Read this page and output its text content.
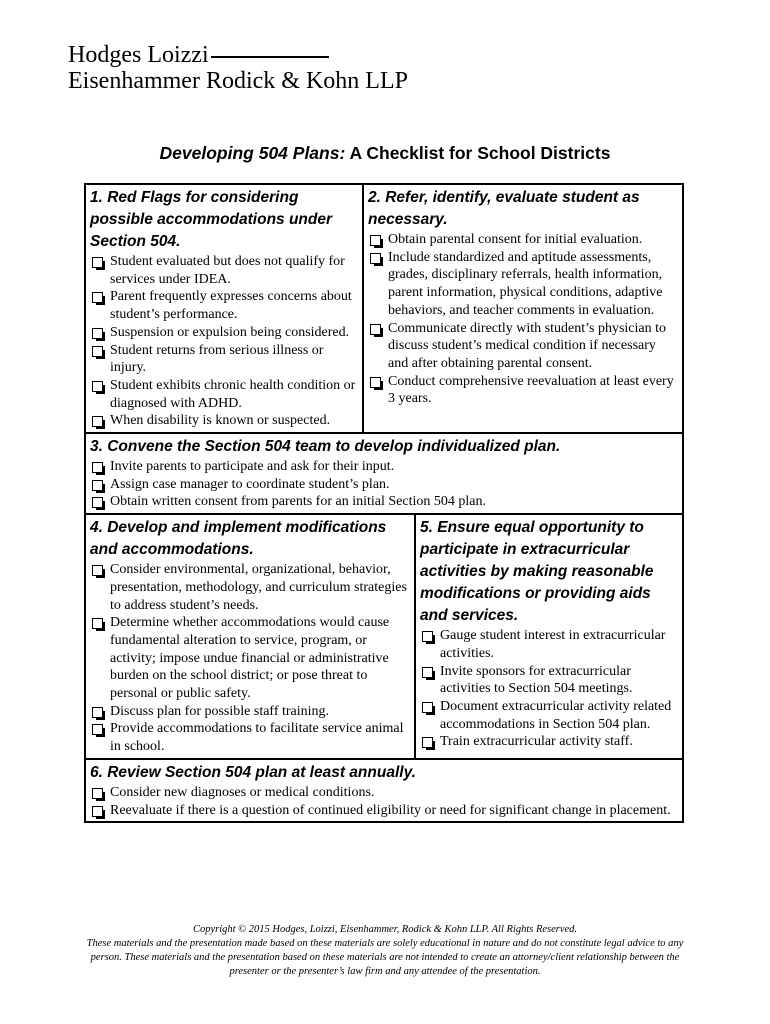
Hodges Loizzi
Eisenhammer Rodick & Kohn LLP
Developing 504 Plans: A Checklist for School Districts
1. Red Flags for considering possible accommodations under Section 504.
Student evaluated but does not qualify for services under IDEA.
Parent frequently expresses concerns about student’s performance.
Suspension or expulsion being considered.
Student returns from serious illness or injury.
Student exhibits chronic health condition or diagnosed with ADHD.
When disability is known or suspected.
2. Refer, identify, evaluate student as necessary.
Obtain parental consent for initial evaluation.
Include standardized and aptitude assessments, grades, disciplinary referrals, health information, parent information, physical conditions, adaptive behaviors, and teacher comments in evaluation.
Communicate directly with student’s physician to discuss student’s medical condition if necessary and after obtaining parental consent.
Conduct comprehensive reevaluation at least every 3 years.
3. Convene the Section 504 team to develop individualized plan.
Invite parents to participate and ask for their input.
Assign case manager to coordinate student’s plan.
Obtain written consent from parents for an initial Section 504 plan.
4. Develop and implement modifications and accommodations.
Consider environmental, organizational, behavior, presentation, methodology, and curriculum strategies to address student’s needs.
Determine whether accommodations would cause fundamental alteration to service, program, or activity; impose undue financial or administrative burden on the school district; or pose threat to personal or public safety.
Discuss plan for possible staff training.
Provide accommodations to facilitate service animal in school.
5. Ensure equal opportunity to participate in extracurricular activities by making reasonable modifications or providing aids and services.
Gauge student interest in extracurricular activities.
Invite sponsors for extracurricular activities to Section 504 meetings.
Document extracurricular activity related accommodations in Section 504 plan.
Train extracurricular activity staff.
6. Review Section 504 plan at least annually.
Consider new diagnoses or medical conditions.
Reevaluate if there is a question of continued eligibility or need for significant change in placement.
Copyright © 2015 Hodges, Loizzi, Eisenhammer, Rodick & Kohn LLP. All Rights Reserved.
These materials and the presentation made based on these materials are solely educational in nature and do not constitute legal advice to any person. These materials and the presentation based on these materials are not intended to create an attorney/client relationship between the presenter or the presenter’s law firm and any attendee of the presentation.
